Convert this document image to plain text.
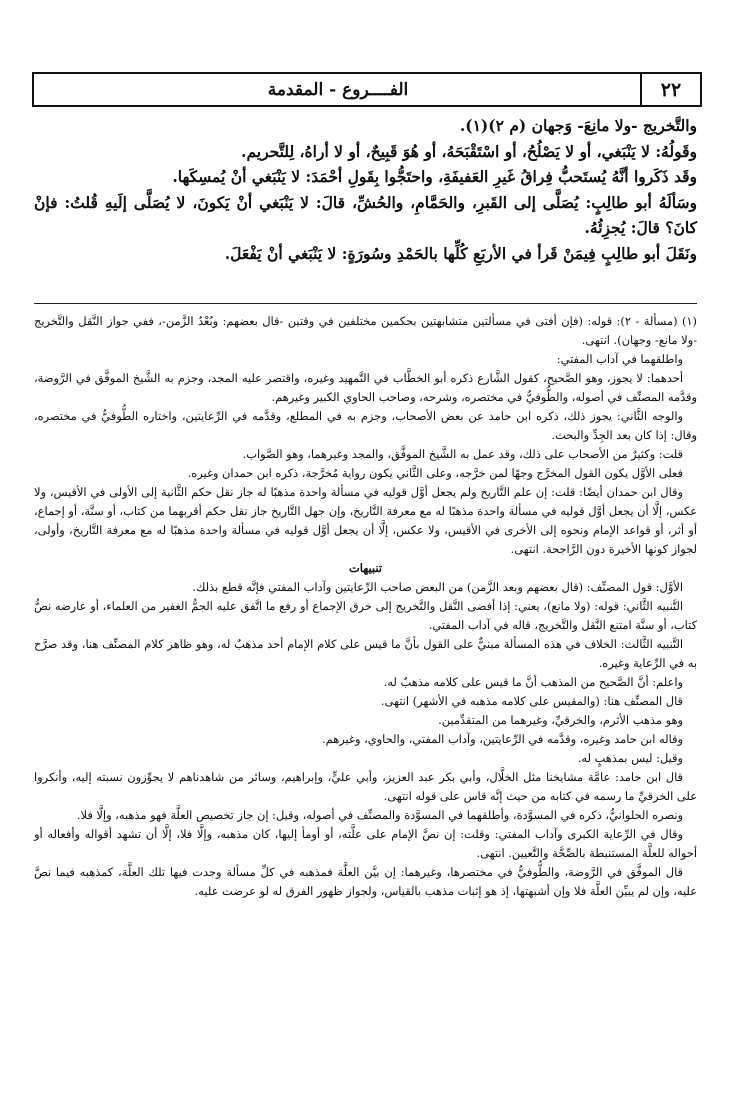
٢٢
الفــــروع - المقدمة

والتَّخريج -ولا مانِعَ- وَجهان (م ٢)(١).

وقَولُهُ: لا يَنْبَغي، أو لا يَصْلُحُ، أو اسْتَقْبَحَهُ، أو هُوَ قَبِيحٌ، أو لا أراهُ، لِلتَّحريم.

وقَد ذَكَروا أنَّهُ يُستَحبُّ فِراقُ غَيرِ العَفيفَةِ، واحتَجُّوا بِقَولِ أحْمَدَ: لا يَنْبَغي أنْ يُمسِكَها.

وسَألَهُ أبو طالِبٍ: يُصَلَّى إلى القَبرِ، والحَمَّامِ، والحُشِّ، قالَ: لا يَنْبَغي أنْ يَكونَ، لا يُصَلَّى إلَيهِ قُلتُ: فإنْ كانَ؟ قالَ: يُجزِئُهُ.

ونَقَلَ أبو طالِبٍ فِيمَنْ قَرأ في الأربَعِ كُلِّها بالحَمْدِ وسُورَةٍ: لا يَنْبَغي أنْ يَفْعَلَ.

(١) (مسألة - ٢): قوله: (فإن أفتى في مسألتين متشابهتين بحكمين مختلفين في وقتين -قال بعضهم: وبُعْدُ الزَّمن-، ففي جواز النَّقل والتَّخريج -ولا مانع- وجهان). انتهى.

واطلقهما في آداب المفتي:

أحدهما: لا يجوز، وهو الصَّحيح، كقول الشَّارع ذكره أبو الخطَّاب في التَّمهيد وغيره، واقتصر عليه المجد، وجزم به الشَّيخ الموفَّق في الرَّوضة، وقدَّمه المصنِّف في أصوله، والطُّوفيُّ في مختصره، وشرحه، وصاحب الحاوي الكبير وغيرهم.

والوجه الثَّاني: يجوز ذلك، ذكره ابن حامد عن بعض الأصحاب، وجزم به في المطلع، وقدَّمه في الرِّعايتين، واختاره الطُّوفيُّ في مختصره، وقال: إذا كان بعد الجِدِّ والبحث.

قلت: وكثيرٌ من الأصحاب على ذلك، وقد عمل به الشَّيخ الموفَّق، والمجد وغيرهما، وهو الصَّواب.

فعلى الأوَّل يكون القول المخرَّج وجهًا لمن خرَّجه، وعلى الثَّاني يكون رواية مُخرَّجة، ذكره ابن حمدان وغيره.

وقال ابن حمدان أيضًا: قلت: إن علم التَّاريخ ولم يجعل أوَّل قوليه في مسألة واحدة مذهبًا له جاز نقل حكم الثَّانية إلى الأولى في الأقيس، ولا عكس، إلَّا أن يجعل أوَّل قوليه في مسألة واحدة مذهبًا له مع معرفة التَّاريخ، وإن جهل التَّاريخ جاز نقل حكم أقربهما من كتاب، أو سنَّة، أو إجماع، أو أثر، أو قواعد الإمام ونحوه إلى الأخرى في الأقيس، ولا عكس، إلَّا أن يجعل أوَّل قوليه في مسألة واحدة مذهبًا له مع معرفة التَّاريخ، وأولى، لجواز كونها الأخيرة دون الرَّاجحة. انتهى.

تنبيهات

الأوَّل: قول المصنِّف: (قال بعضهم وبعد الزَّمن) من البعض صاحب الرِّعايتين وآداب المفتي فإنَّه قطع بذلك.

التَّنبيه الثَّاني: قوله: (ولا مانع)، يعني: إذا أفضى النَّقل والتَّخريج إلى خرق الإجماع أو رفع ما اتَّفق عليه الجمُّ الغفير من العلماء، أو عارضه نصُّ كتاب، أو سنَّة امتنع النَّقل والتَّخريج، قاله في آداب المفتي.

التَّنبيه الثَّالث: الخلاف في هذه المسألة مبنيٌّ على القول بأنَّ ما قيس على كلام الإمام أحد مذهبٌ له، وهو ظاهر كلام المصنِّف هنا، وقد صرَّح به في الرِّعاية وغيره.

واعلم: أنَّ الصَّحيح من المذهب أنَّ ما قيس على كلامه مذهبٌ له.

قال المصنِّف هنا: (والمقيس على كلامه مذهبه في الأشهر) انتهى.

وهو مذهب الأثرم، والخرقيِّ، وغيرهما من المتقدِّمين.

وقاله ابن حامد وغيره، وقدَّمه في الرِّعايتين، وآداب المفتي، والحاوي، وغيرهم.

وقيل: ليس بمذهبٍ له.

قال ابن حامد: عامَّة مشايخنا مثل الخلَّال، وأبي بكر عبد العزيز، وأبي عليٍّ، وإبراهيم، وسائر من شاهدناهم لا يجوِّزون نسبته إليه، وأنكروا على الخرقيِّ ما رسمه في كتابه من حيث إنَّه قاس على قوله انتهى.

ونصره الحلوانيُّ، ذكره في المسوَّدة، وأطلقهما في المسوَّدة والمصنِّف في أصوله، وقيل: إن جاز تخصيص العلَّة فهو مذهبه، وإلَّا فلا.

وقال في الرِّعاية الكبرى وآداب المفتي: وقلت: إن نصَّ الإمام على علَّته، أو أومأ إليها، كان مذهبه، وإلَّا فلا، إلَّا أن تشهد أقواله وأفعاله أو أحواله للعلَّة المستنبطة بالصِّحَّة والتَّعيين. انتهى.

قال الموفَّق في الرَّوضة، والطُّوفيُّ في مختصرها، وغيرهما: إن بيَّن العلَّة فمذهبه في كلِّ مسألة وجدت فيها تلك العلَّة، كمذهبه فيما نصَّ عليه، وإن لم يبيِّن العلَّة فلا وإن أشبهتها، إذ هو إثبات مذهب بالقياس، ولجواز ظهور الفرق له لو عرضت عليه.
